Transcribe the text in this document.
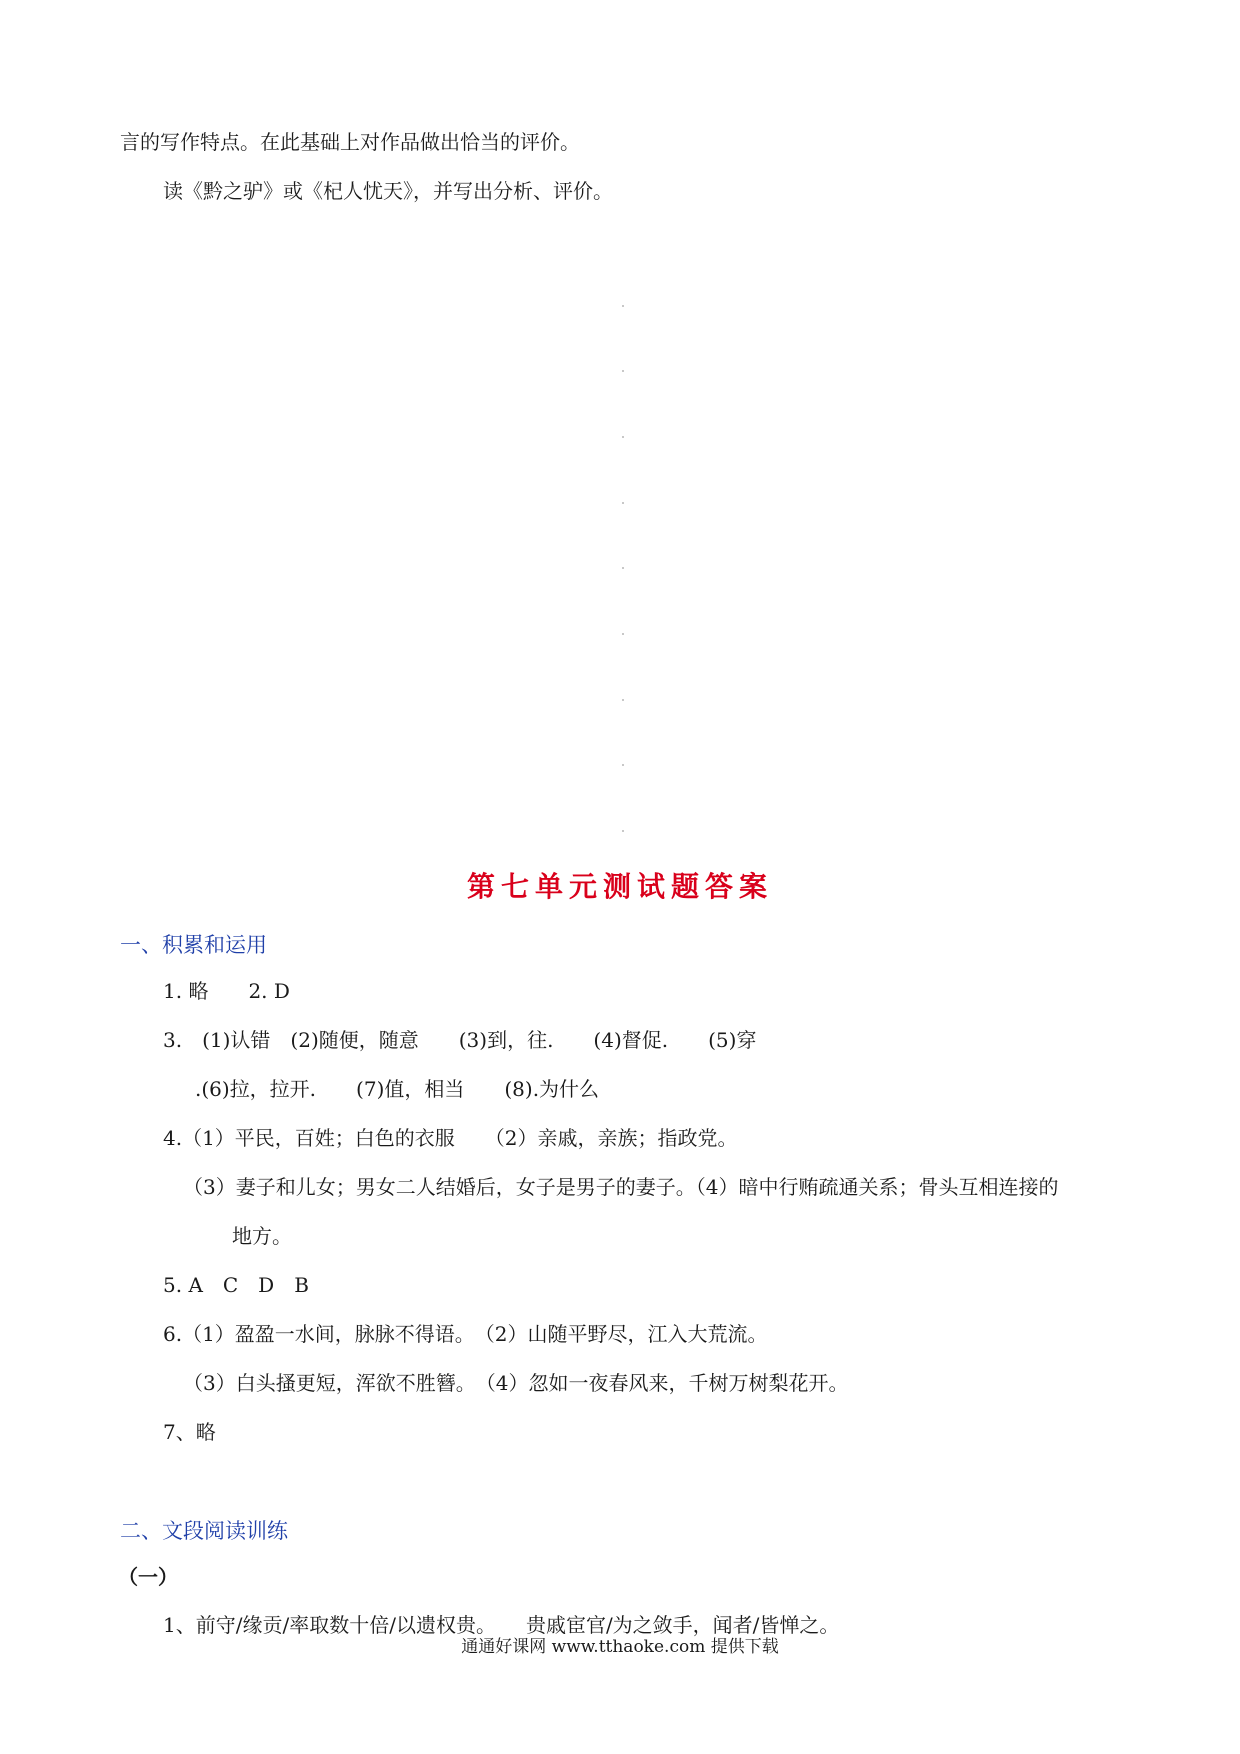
言的写作特点。在此基础上对作品做出恰当的评价。
读《黔之驴》或《杞人忧天》，并写出分析、评价。
第七单元测试题答案
一、积累和运用
1. 略　　2. D
3.　(1)认错　(2)随便，随意　　(3)到，往.　　(4)督促.　　(5)穿
.(6)拉，拉开.　　(7)值，相当　　(8).为什么
4.（1）平民，百姓；白色的衣服　　（2）亲戚，亲族；指政党。
（3）妻子和儿女；男女二人结婚后，女子是男子的妻子。（4）暗中行贿疏通关系；骨头互相连接的
地方。
5. A　C　D　B
6.（1）盈盈一水间，脉脉不得语。　（2）山随平野尽，江入大荒流。
（3）白头搔更短，浑欲不胜簪。　（4）忽如一夜春风来，千树万树梨花开。
7、略
二、文段阅读训练
（一）
1、前守/缘贡/率取数十倍/以遗权贵。　　贵戚宦官/为之敛手，闻者/皆惮之。
通通好课网 www.tthaoke.com 提供下载
